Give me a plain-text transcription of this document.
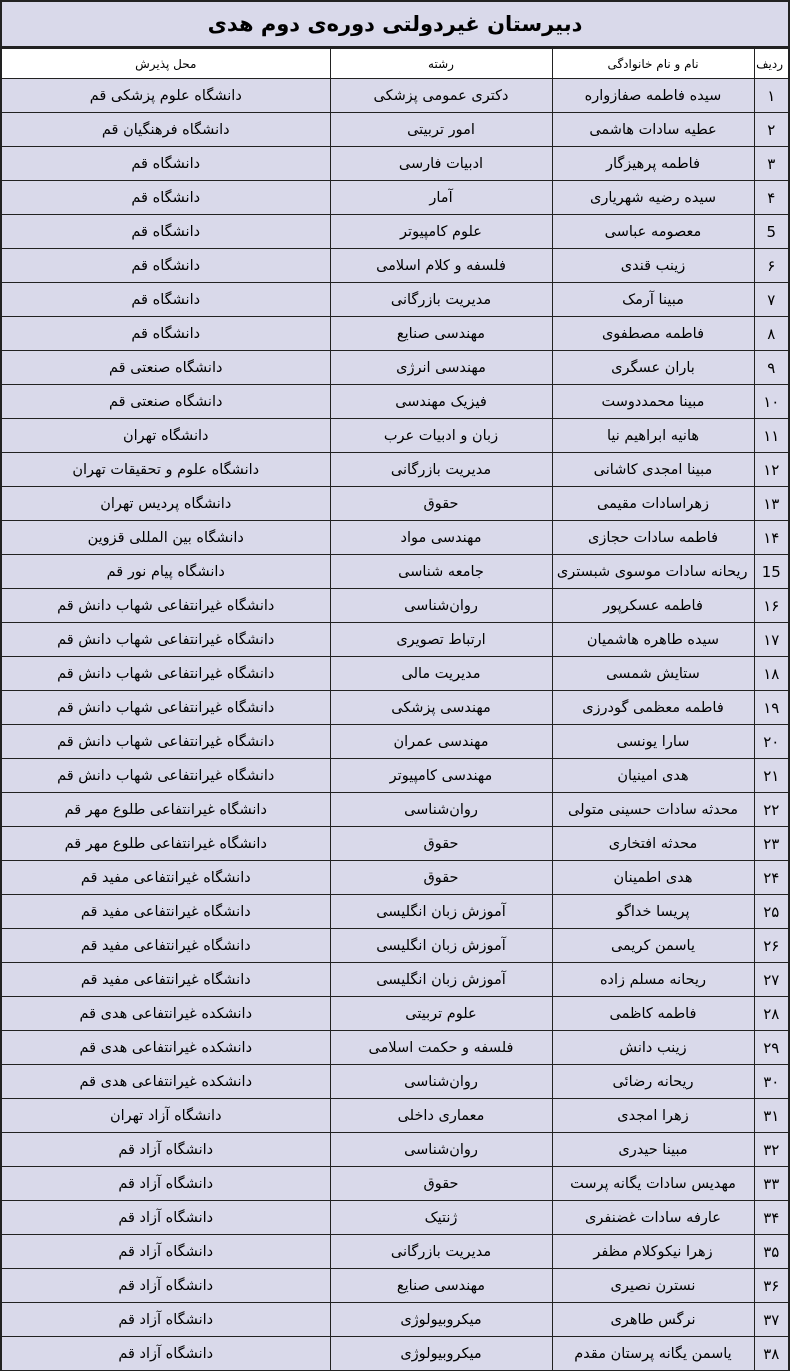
دبیرستان غیردولتی دوره‌ی دوم هدی
ردیف	نام و نام خانوادگی	رشته	محل پذیرش
۱	سیده فاطمه صفازواره	دکتری عمومی پزشکی	دانشگاه علوم پزشکی قم
۲	عطیه سادات هاشمی	امور تربیتی	دانشگاه فرهنگیان قم
۳	فاطمه پرهیزگار	ادبیات فارسی	دانشگاه قم
۴	سیده رضیه شهریاری	آمار	دانشگاه قم
5	معصومه عباسی	علوم کامپیوتر	دانشگاه قم
۶	زینب قندی	فلسفه و کلام اسلامی	دانشگاه قم
۷	مبینا آرمک	مدیریت بازرگانی	دانشگاه قم
۸	فاطمه مصطفوی	مهندسی صنایع	دانشگاه قم
۹	باران عسگری	مهندسی انرژی	دانشگاه صنعتی قم
۱۰	مبینا محمددوست	فیزیک مهندسی	دانشگاه صنعتی قم
۱۱	هانیه ابراهیم نیا	زبان و ادبیات عرب	دانشگاه تهران
۱۲	مبینا امجدی کاشانی	مدیریت بازرگانی	دانشگاه علوم و تحقیقات تهران
۱۳	زهراسادات مقیمی	حقوق	دانشگاه پردیس تهران
۱۴	فاطمه سادات حجازی	مهندسی مواد	دانشگاه بین المللی قزوین
15	ریحانه سادات موسوی شبستری	جامعه شناسی	دانشگاه پیام نور قم
۱۶	فاطمه عسکرپور	روان‌شناسی	دانشگاه غیرانتفاعی شهاب دانش قم
۱۷	سیده طاهره هاشمیان	ارتباط تصویری	دانشگاه غیرانتفاعی شهاب دانش قم
۱۸	ستایش شمسی	مدیریت مالی	دانشگاه غیرانتفاعی شهاب دانش قم
۱۹	فاطمه معظمی گودرزی	مهندسی پزشکی	دانشگاه غیرانتفاعی شهاب دانش قم
۲۰	سارا یونسی	مهندسی عمران	دانشگاه غیرانتفاعی شهاب دانش قم
۲۱	هدی امینیان	مهندسی کامپیوتر	دانشگاه غیرانتفاعی شهاب دانش قم
۲۲	محدثه سادات حسینی متولی	روان‌شناسی	دانشگاه غیرانتفاعی طلوع مهر قم
۲۳	محدثه افتخاری	حقوق	دانشگاه غیرانتفاعی طلوع مهر قم
۲۴	هدی اطمینان	حقوق	دانشگاه غیرانتفاعی مفید قم
۲۵	پریسا خداگو	آموزش زبان انگلیسی	دانشگاه غیرانتفاعی مفید قم
۲۶	یاسمن کریمی	آموزش زبان انگلیسی	دانشگاه غیرانتفاعی مفید قم
۲۷	ریحانه مسلم زاده	آموزش زبان انگلیسی	دانشگاه غیرانتفاعی مفید قم
۲۸	فاطمه کاظمی	علوم تربیتی	دانشکده غیرانتفاعی هدی قم
۲۹	زینب دانش	فلسفه و حکمت اسلامی	دانشکده غیرانتفاعی هدی قم
۳۰	ریحانه رضائی	روان‌شناسی	دانشکده غیرانتفاعی هدی قم
۳۱	زهرا امجدی	معماری داخلی	دانشگاه آزاد تهران
۳۲	مبینا حیدری	روان‌شناسی	دانشگاه آزاد قم
۳۳	مهدیس سادات یگانه پرست	حقوق	دانشگاه آزاد قم
۳۴	عارفه سادات غضنفری	ژنتیک	دانشگاه آزاد قم
۳۵	زهرا نیکوکلام مظفر	مدیریت بازرگانی	دانشگاه آزاد قم
۳۶	نسترن نصیری	مهندسی صنایع	دانشگاه آزاد قم
۳۷	نرگس طاهری	میکروبیولوژی	دانشگاه آزاد قم
۳۸	یاسمن یگانه پرستان مقدم	میکروبیولوژی	دانشگاه آزاد قم
